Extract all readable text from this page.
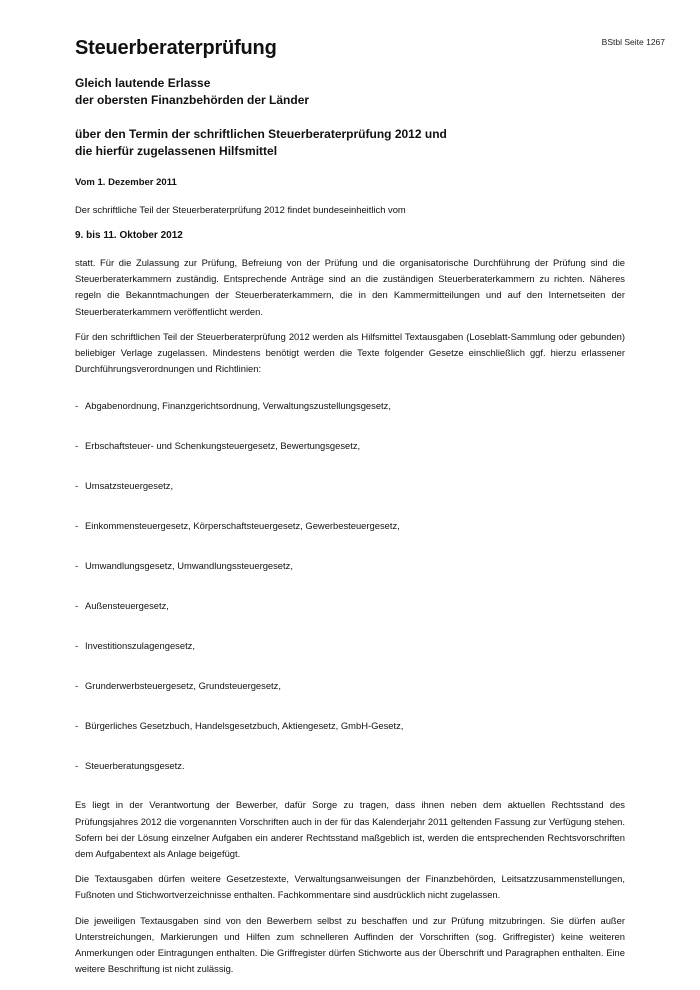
BStbl Seite 1267
Steuerberaterprüfung
Gleich lautende Erlasse
der obersten Finanzbehörden der Länder
über den Termin der schriftlichen Steuerberaterprüfung 2012 und
die hierfür zugelassenen Hilfsmittel
Vom 1. Dezember 2011

Der schriftliche Teil der Steuerberaterprüfung 2012 findet bundeseinheitlich vom

9. bis 11. Oktober 2012

statt. Für die Zulassung zur Prüfung, Befreiung von der Prüfung und die organisatorische Durchführung der Prüfung sind die Steuerberaterkammern zuständig. Entsprechende Anträge sind an die zuständigen Steuerberaterkammern zu richten. Näheres regeln die Bekanntmachungen der Steuerberaterkammern, die in den Kammermitteilungen und auf den Internetseiten der Steuerberaterkammern veröffentlicht werden.

Für den schriftlichen Teil der Steuerberaterprüfung 2012 werden als Hilfsmittel Textausgaben (Loseblatt-Sammlung oder gebunden) beliebiger Verlage zugelassen. Mindestens benötigt werden die Texte folgender Gesetze einschließlich ggf. hierzu erlassener Durchführungsverordnungen und Richtlinien:

- Abgabenordnung, Finanzgerichtsordnung, Verwaltungszustellungsgesetz,
- Erbschaftsteuer- und Schenkungsteuergesetz, Bewertungsgesetz,
- Umsatzsteuergesetz,
- Einkommensteuergesetz, Körperschaftsteuergesetz, Gewerbesteuergesetz,
- Umwandlungsgesetz, Umwandlungssteuergesetz,
- Außensteuergesetz,
- Investitionszulagengesetz,
- Grunderwerbsteuergesetz, Grundsteuergesetz,
- Bürgerliches Gesetzbuch, Handelsgesetzbuch, Aktiengesetz, GmbH-Gesetz,
- Steuerberatungsgesetz.

Es liegt in der Verantwortung der Bewerber, dafür Sorge zu tragen, dass ihnen neben dem aktuellen Rechtsstand des Prüfungsjahres 2012 die vorgenannten Vorschriften auch in der für das Kalenderjahr 2011 geltenden Fassung zur Verfügung stehen. Sofern bei der Lösung einzelner Aufgaben ein anderer Rechtsstand maßgeblich ist, werden die entsprechenden Rechtsvorschriften dem Aufgabentext als Anlage beigefügt.

Die Textausgaben dürfen weitere Gesetzestexte, Verwaltungsanweisungen der Finanzbehörden, Leitsatzzusammenstellungen, Fußnoten und Stichwortverzeichnisse enthalten. Fachkommentare sind ausdrücklich nicht zugelassen.

Die jeweiligen Textausgaben sind von den Bewerbern selbst zu beschaffen und zur Prüfung mitzubringen. Sie dürfen außer Unterstreichungen, Markierungen und Hilfen zum schnelleren Auffinden der Vorschriften (sog. Griffregister) keine weiteren Anmerkungen oder Eintragungen enthalten. Die Griffregister dürfen Stichworte aus der Überschrift und Paragraphen enthalten. Eine weitere Beschriftung ist nicht zulässig.
